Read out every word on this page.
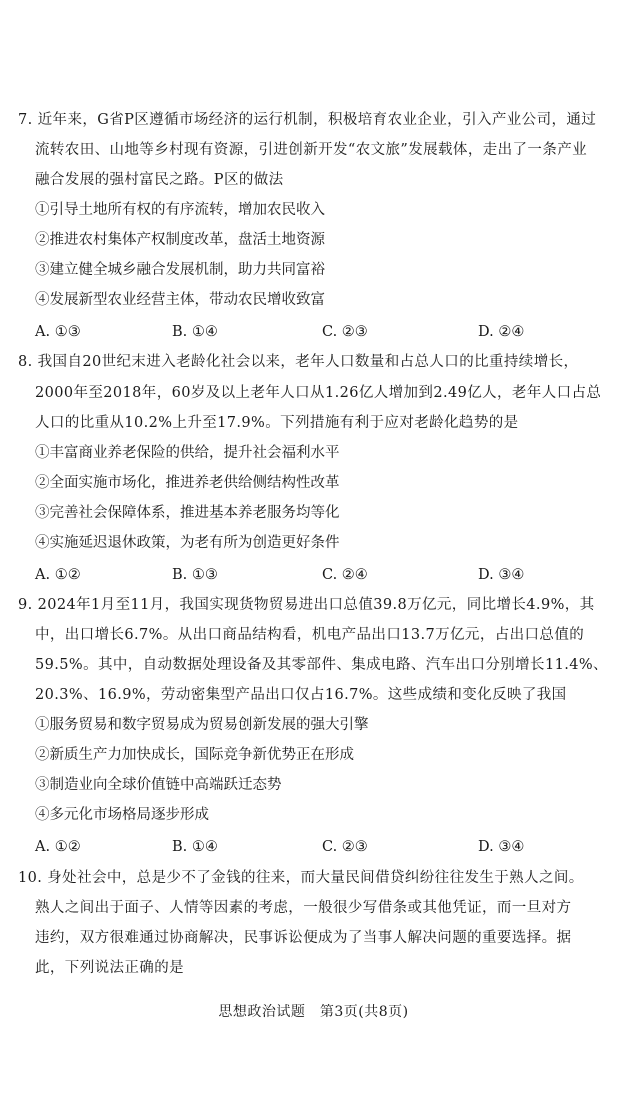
7. 近年来，G省P区遵循市场经济的运行机制，积极培育农业企业，引入产业公司，通过
流转农田、山地等乡村现有资源，引进创新开发“农文旅”发展载体，走出了一条产业
融合发展的强村富民之路。P区的做法
①引导土地所有权的有序流转，增加农民收入
②推进农村集体产权制度改革，盘活土地资源
③建立健全城乡融合发展机制，助力共同富裕
④发展新型农业经营主体，带动农民增收致富
A. ①③	B. ①④	C. ②③	D. ②④
8. 我国自20世纪末进入老龄化社会以来，老年人口数量和占总人口的比重持续增长，
2000年至2018年，60岁及以上老年人口从1.26亿人增加到2.49亿人，老年人口占总
人口的比重从10.2%上升至17.9%。下列措施有利于应对老龄化趋势的是
①丰富商业养老保险的供给，提升社会福利水平
②全面实施市场化，推进养老供给侧结构性改革
③完善社会保障体系，推进基本养老服务均等化
④实施延迟退休政策，为老有所为创造更好条件
A. ①②	B. ①③	C. ②④	D. ③④
9. 2024年1月至11月，我国实现货物贸易进出口总值39.8万亿元，同比增长4.9%，其
中，出口增长6.7%。从出口商品结构看，机电产品出口13.7万亿元，占出口总值的
59.5%。其中，自动数据处理设备及其零部件、集成电路、汽车出口分别增长11.4%、
20.3%、16.9%，劳动密集型产品出口仅占16.7%。这些成绩和变化反映了我国
①服务贸易和数字贸易成为贸易创新发展的强大引擎
②新质生产力加快成长，国际竞争新优势正在形成
③制造业向全球价值链中高端跃迁态势
④多元化市场格局逐步形成
A. ①②	B. ①④	C. ②③	D. ③④
10. 身处社会中，总是少不了金钱的往来，而大量民间借贷纠纷往往发生于熟人之间。
熟人之间出于面子、人情等因素的考虑，一般很少写借条或其他凭证，而一旦对方
违约，双方很难通过协商解决，民事诉讼便成为了当事人解决问题的重要选择。据
此，下列说法正确的是
思想政治试题　第3页(共8页)
